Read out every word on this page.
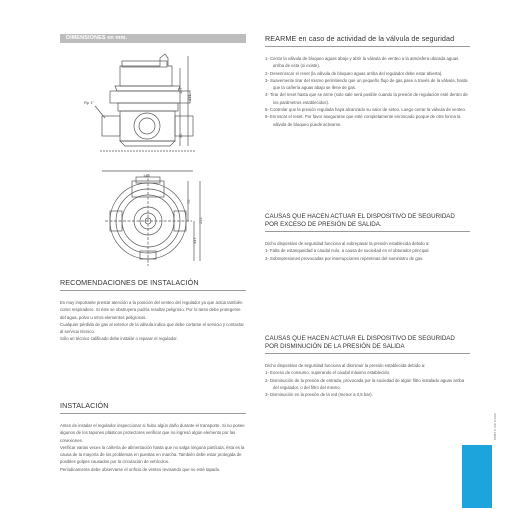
DIMENSIONES en mm.
117
171
35
Rp 1"
140
75
222
147
REARME en caso de actividad de la válvula de seguridad
1- Cerrar la válvula de bloqueo aguas abajo y abrir la válvula de venteo a la atmósfera ubicada aguas arriba de esta (si existe).
2- Desenroscar el reset (la válvula de bloqueo aguas arriba del regulador debe estar abierta).
3- Suavemente tirar del mismo permitiendo que un pequeño flujo de gas pase a través de la válvula, hasta que la cañería aguas abajo se llene de gas.
4- Tirar del reset hasta que se arme (solo sale será posible cuando la presión de regulación esté dentro de los parámetros establecidos).
5- Controlar que la presión regulada haya alcanzado su valor de seteo. Luego cerrar la válvula de venteo.
6- Enroscar el reset. Por favor asegurarse que esté completamente enroscado porque de otra forma la válvula de bloqueo puede activarse.
CAUSAS QUE HACEN ACTUAR EL DISPOSITIVO DE SEGURIDAD
POR EXCESO DE PRESIÓN DE SALIDA.

Dicho dispositivo de seguridad funciona al sobrepasar la presión establecida debido a:

1- Falta de estanqueidad a caudal nulo, a causa de suciedad en el obturador principal.
2- Sobrepresiones provocadas por interrupciones repentinas del suministro de gas.
CAUSAS QUE HACEN ACTUAR EL DISPOSITIVO DE SEGURIDAD
POR DISMINUCIÓN DE LA PRESIÓN DE SALIDA

Dicho dispositivo de seguridad funciona al disminuir la presión establecida debido a:

1- Exceso de consumo, superando el caudal máximo establecido.
2- Disminución de la presión de entrada, provocada por la suciedad de algún filtro instalado aguas arriba del regulador, o del filtro del mismo.
3- Disminución en la presión de la red (menor a 0,5 bar).
RECOMENDACIONES DE INSTALACIÓN

Es muy importante prestar atención a la posición del venteo del regulador ya que actúa también como respiradero. Si éste se obstruyera podría resultar peligroso. Por lo tanto debe protegerse del agua, polvo u otros elementos peligrosos.

Cualquier pérdida de gas al exterior de la válvula indica que debe cortarse el servicio y contactar al servicio técnico.

Sólo un técnico calificado debe instalar o reparar el regulador.

INSTALACIÓN

Antes de instalar el regulador inspeccionar si hubo algún daño durante el transporte. Si no posee algunos de los tapones plásticos protectores verificar que no ingresó algún elemento por las conexiones.

Verificar varias veces la cañería de alimentación hasta que no salga ninguna partícula, ésta es la causa de la mayoría de los problemas en puestas en marcha. También debe estar protegida de posibles golpes causados por la circulación de vehículos.

Periódicamente debe observarse el orificio de venteo revisando que no esté tapado.

BRMS.A. 030 R 2008
